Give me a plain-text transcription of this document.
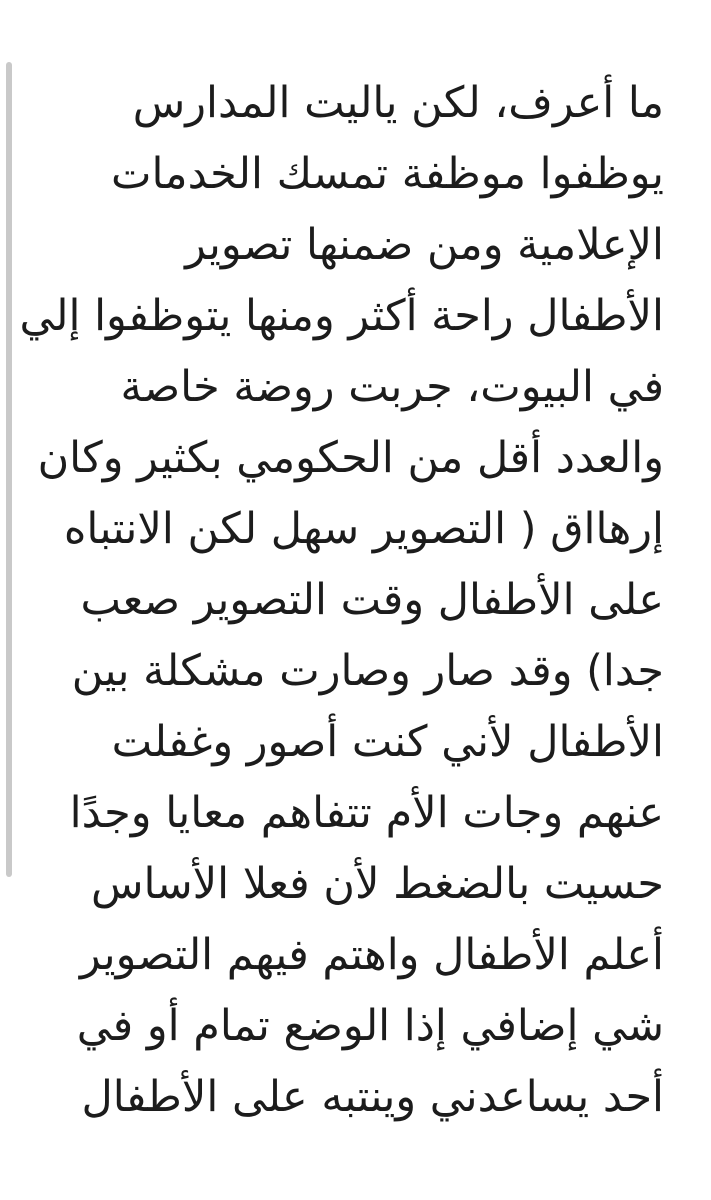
ما أعرف، لكن ياليت المدارس
يوظفوا موظفة تمسك الخدمات
الإعلامية ومن ضمنها تصوير
الأطفال راحة أكثر ومنها يتوظفوا إلي
في البيوت، جربت روضة خاصة
والعدد أقل من الحكومي بكثير وكان
إرهااق ( التصوير سهل لكن الانتباه
على الأطفال وقت التصوير صعب
جدا) وقد صار وصارت مشكلة بين
الأطفال لأني كنت أصور وغفلت
عنهم وجات الأم تتفاهم معايا وجدًا
حسيت بالضغط لأن فعلا الأساس
أعلم الأطفال واهتم فيهم التصوير
شي إضافي إذا الوضع تمام أو في
أحد يساعدني وينتبه على الأطفال
